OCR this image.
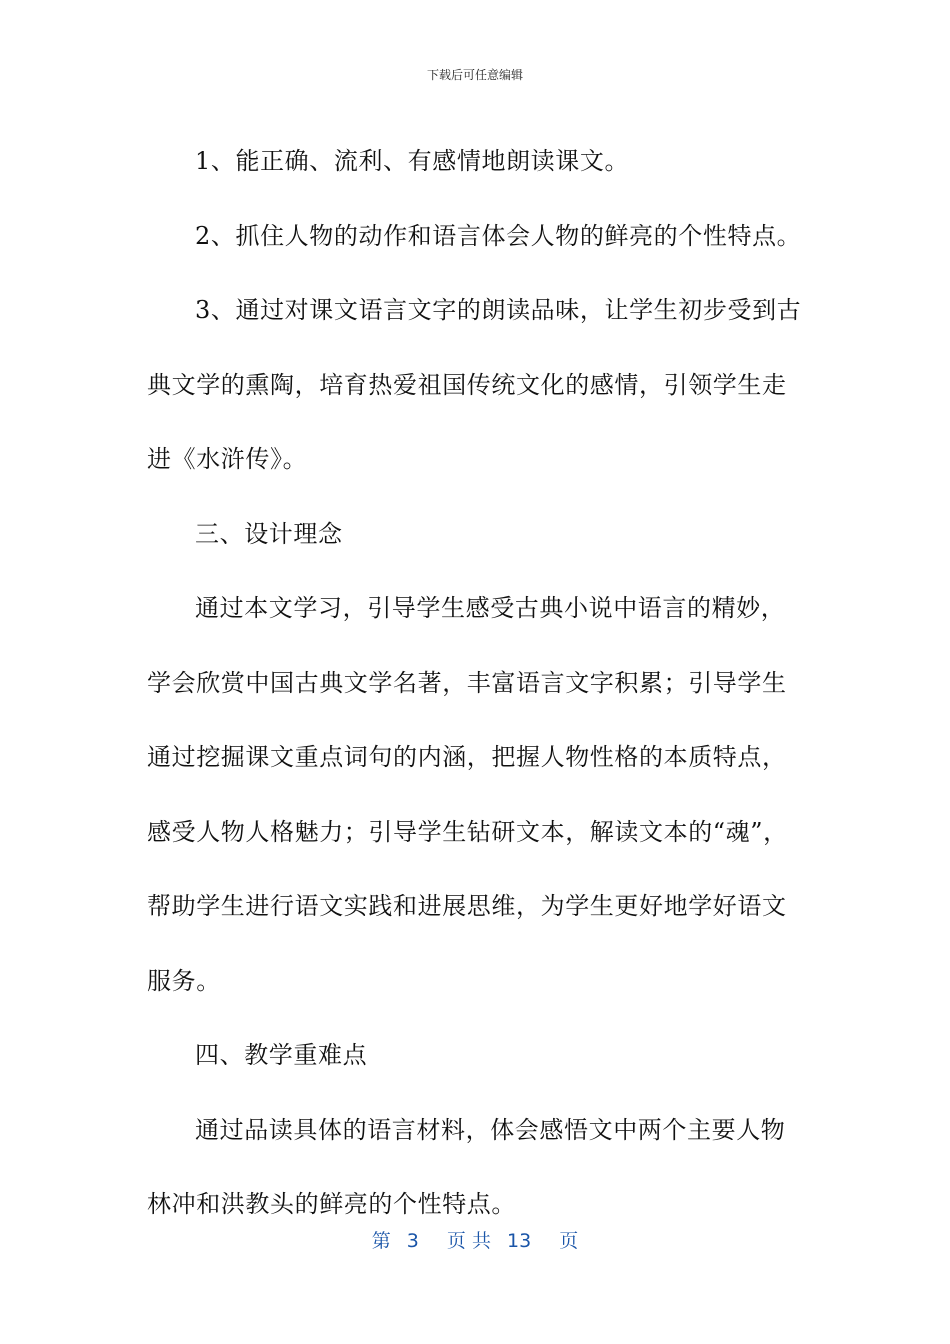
下载后可任意编辑

1、能正确、流利、有感情地朗读课文。

2、抓住人物的动作和语言体会人物的鲜亮的个性特点。

3、通过对课文语言文字的朗读品味，让学生初步受到古典文学的熏陶，培育热爱祖国传统文化的感情，引领学生走进《水浒传》。

三、设计理念

通过本文学习，引导学生感受古典小说中语言的精妙，学会欣赏中国古典文学名著，丰富语言文字积累；引导学生通过挖掘课文重点词句的内涵，把握人物性格的本质特点，感受人物人格魅力；引导学生钻研文本，解读文本的“魂”，帮助学生进行语文实践和进展思维，为学生更好地学好语文服务。

四、教学重难点

通过品读具体的语言材料，体会感悟文中两个主要人物林冲和洪教头的鲜亮的个性特点。

第 3 页 共 13 页
